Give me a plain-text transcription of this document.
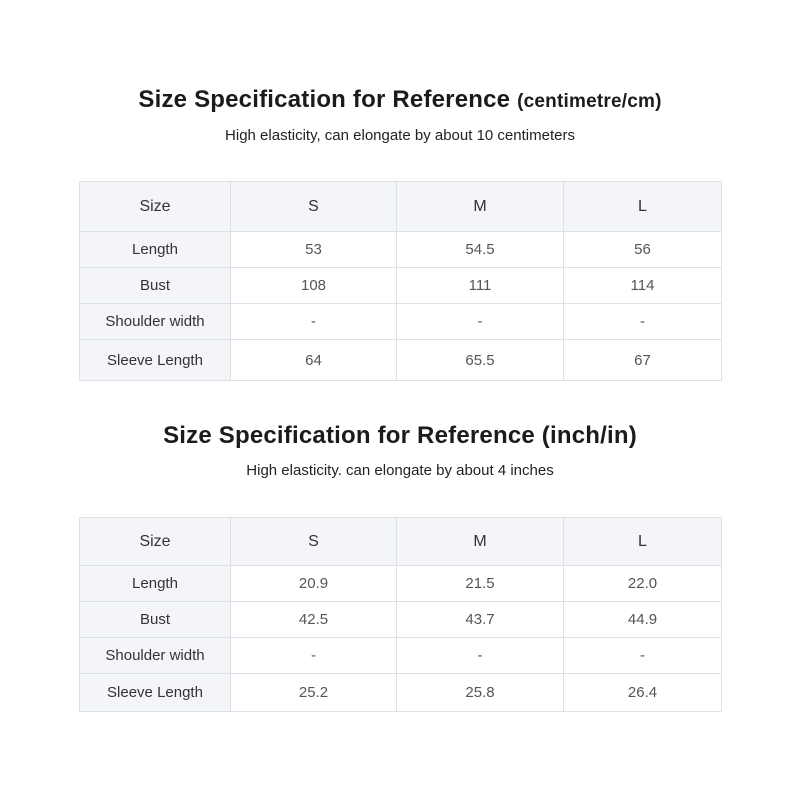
Size Specification for Reference (centimetre/cm)
High elasticity, can elongate by about 10 centimeters
Size	S	M	L
Length	53	54.5	56
Bust	108	111	114
Shoulder width	-	-	-
Sleeve Length	64	65.5	67
Size Specification for Reference (inch/in)
High elasticity. can elongate by about 4 inches
Size	S	M	L
Length	20.9	21.5	22.0
Bust	42.5	43.7	44.9
Shoulder width	-	-	-
Sleeve Length	25.2	25.8	26.4
